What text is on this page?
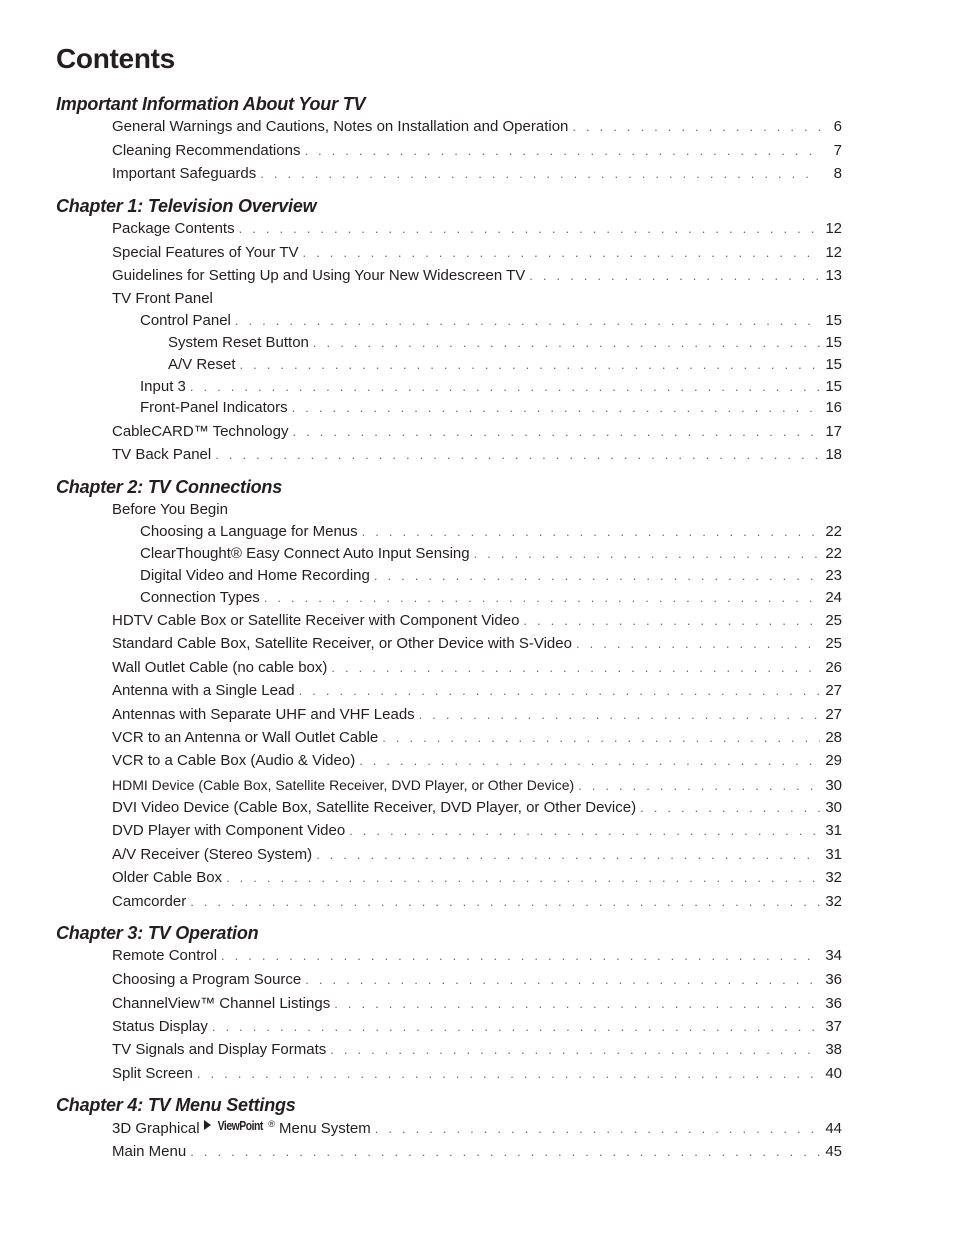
Contents
Important Information About Your TV
General Warnings and Cautions, Notes on Installation and Operation . . .	6
Cleaning Recommendations . . .	7
Important Safeguards . . .	8
Chapter 1: Television Overview
Package Contents . . .	12
Special Features of Your TV . . .	12
Guidelines for Setting Up and Using Your New Widescreen TV . . .	13
TV Front Panel
Control Panel . . .	15
System Reset Button . . .	15
A/V Reset . . .	15
Input 3 . . .	15
Front-Panel Indicators . . .	16
CableCARD™ Technology . . .	17
TV Back Panel . . .	18
Chapter 2: TV Connections
Before You Begin
Choosing a Language for Menus . . .	22
ClearThought® Easy Connect Auto Input Sensing . . .	22
Digital Video and Home Recording . . .	23
Connection Types . . .	24
HDTV Cable Box or Satellite Receiver with Component Video . . .	25
Standard Cable Box, Satellite Receiver, or Other Device with S-Video . . .	25
Wall Outlet Cable (no cable box) . . .	26
Antenna with a Single Lead . . .	27
Antennas with Separate UHF and VHF Leads . . .	27
VCR to an Antenna or Wall Outlet Cable . . .	28
VCR to a Cable Box (Audio & Video) . . .	29
HDMI Device (Cable Box, Satellite Receiver, DVD Player, or Other Device) . . .	30
DVI Video Device (Cable Box, Satellite Receiver, DVD Player, or Other Device) . . .	30
DVD Player with Component Video . . .	31
A/V Receiver (Stereo System) . . .	31
Older Cable Box . . .	32
Camcorder . . .	32
Chapter 3: TV Operation
Remote Control . . .	34
Choosing a Program Source . . .	36
ChannelView™ Channel Listings . . .	36
Status Display . . .	37
TV Signals and Display Formats . . .	38
Split Screen . . .	40
Chapter 4: TV Menu Settings
3D Graphical ViewPoint ® Menu System . . .	44
Main Menu . . .	45
